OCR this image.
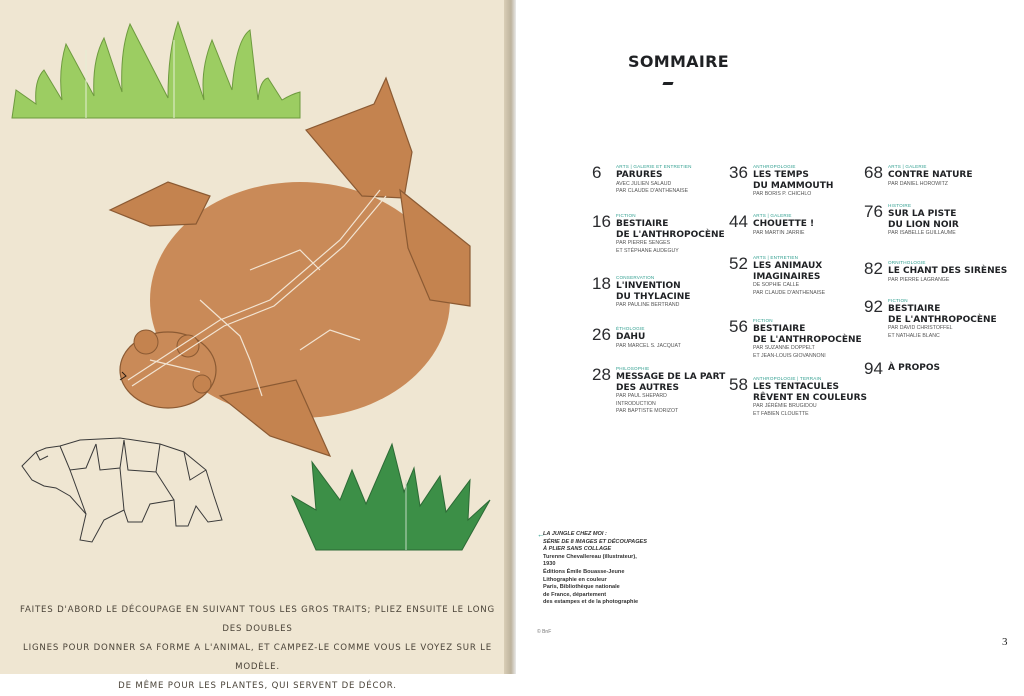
FAITES D'ABORD LE DÉCOUPAGE EN SUIVANT TOUS LES GROS TRAITS; PLIEZ ENSUITE LE LONG DES DOUBLES
LIGNES POUR DONNER SA FORME A L'ANIMAL, ET CAMPEZ-LE COMME VOUS LE VOYEZ SUR LE MODÈLE.
DE MÊME POUR LES PLANTES, QUI SERVENT DE DÉCOR.
SOMMAIRE
6	ARTS | GALERIE ET ENTRETIEN
PARURES
AVEC JULIEN SALAUD
PAR CLAUDE D'ANTHENAISE
16 FICTION
BESTIAIRE
DE L'ANTHROPOCÈNE
PAR PIERRE SENGES
ET STÉPHANE AUDEGUY
18 CONSERVATION
L'INVENTION
DU THYLACINE
PAR PAULINE BERTRAND
26 ÉTHOLOGIE
DAHU
PAR MARCEL S. JACQUAT
28 PHILOSOPHIE
MESSAGE DE LA PART
DES AUTRES
PAR PAUL SHEPARD
INTRODUCTION
PAR BAPTISTE MORIZOT
36 ANTHROPOLOGIE
LES TEMPS
DU MAMMOUTH
PAR BORIS P. CHICHLO
44 ARTS | GALERIE
CHOUETTE !
PAR MARTIN JARRIE
52 ARTS | ENTRETIEN
LES ANIMAUX
IMAGINAIRES
DE SOPHIE CALLE
PAR CLAUDE D'ANTHENAISE
56 FICTION
BESTIAIRE
DE L'ANTHROPOCÈNE
PAR SUZANNE DOPPELT
ET JEAN-LOUIS GIOVANNONI
58 ANTHROPOLOGIE | TERRAIN
LES TENTACULES
RÊVENT EN COULEURS
PAR JÉRÉMIE BRUGIDOU
ET FABIEN CLOUETTE
68 ARTS | GALERIE
CONTRE NATURE
PAR DANIEL HOROWITZ
76 HISTOIRE
SUR LA PISTE
DU LION NOIR
PAR ISABELLE GUILLAUME
82 ORNITHOLOGIE
LE CHANT DES SIRÈNES
PAR PIERRE LAGRANGE
92 FICTION
BESTIAIRE
DE L'ANTHROPOCÈNE
PAR DAVID CHRISTOFFEL
ET NATHALIE BLANC
94 À PROPOS
←
LA JUNGLE CHEZ MOI :
SÉRIE DE 8 IMAGES ET DÉCOUPAGES
À PLIER SANS COLLAGE
Turenne Chevallereau (illustrateur),
1930
Éditions Émile Bouasse-Jeune
Lithographie en couleur
Paris, Bibliothèque nationale
de France, département
des estampes et de la photographie
© BnF
3
